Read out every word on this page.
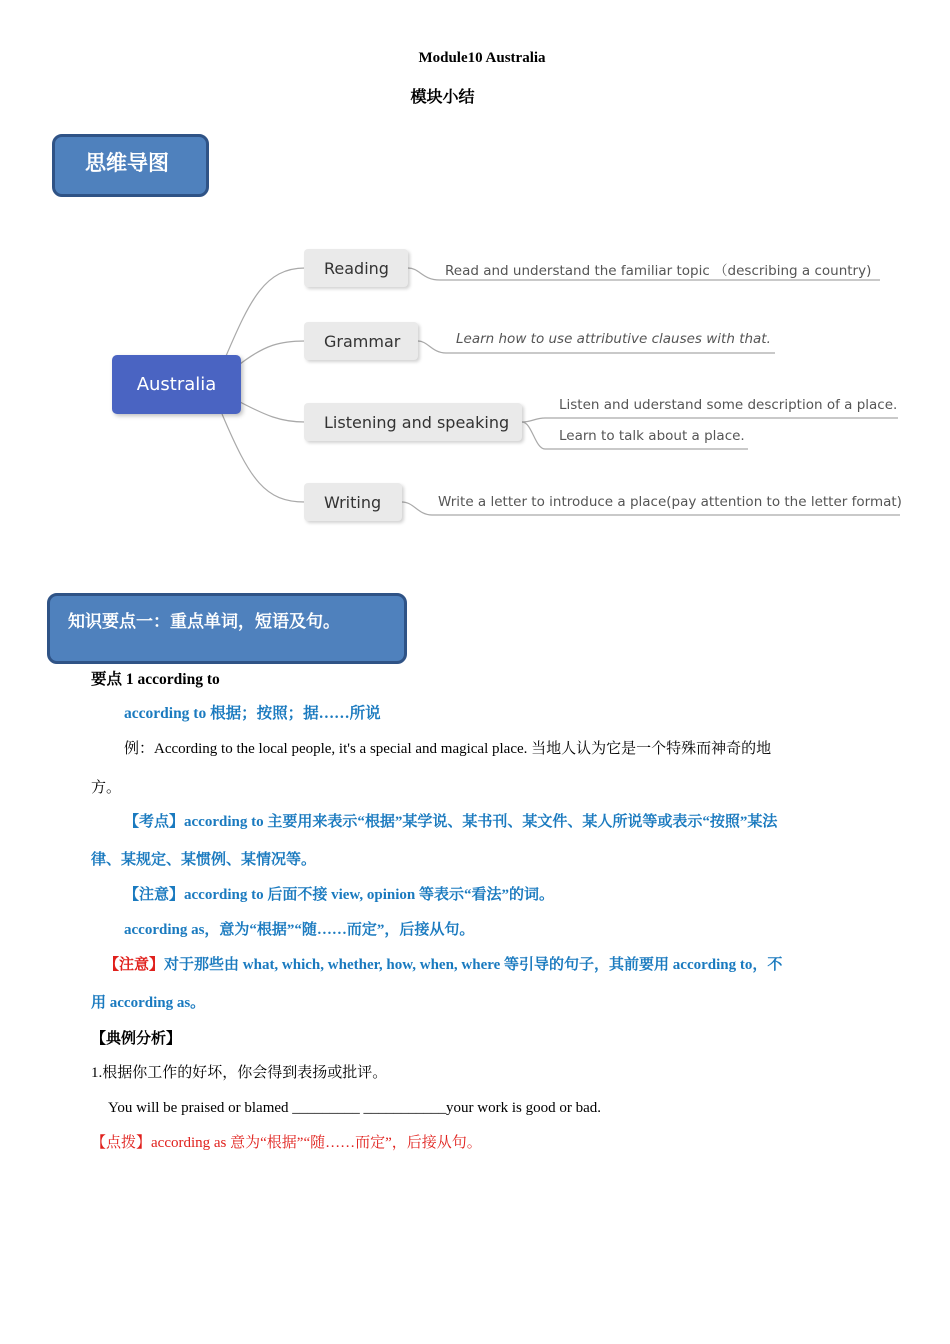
Module10 Australia
模块小结
思维导图
Australia
Reading
Grammar
Listening and speaking
Writing
Read and understand the familiar topic （describing a country)
Learn how to use attributive clauses with that.
Listen and uderstand some description of a place.
Learn to talk about a place.
Write a letter to introduce a place(pay attention to the letter format)
知识要点一：重点单词，短语及句。
要点 1 according to
according to 根据；按照；据……所说
例：According to the local people, it's a special and magical place. 当地人认为它是一个特殊而神奇的地
方。
【考点】according to 主要用来表示“根据”某学说、某书刊、某文件、某人所说等或表示“按照”某法
律、某规定、某惯例、某情况等。
【注意】according to 后面不接 view, opinion 等表示“看法”的词。
according as，意为“根据”“随……而定”，后接从句。
【注意】对于那些由 what, which, whether, how, when, where 等引导的句子，其前要用 according to，不
用 according as。
【典例分析】
1.根据你工作的好坏，你会得到表扬或批评。
You will be praised or blamed _________ ___________your work is good or bad.
【点拨】according as 意为“根据”“随……而定”，后接从句。
